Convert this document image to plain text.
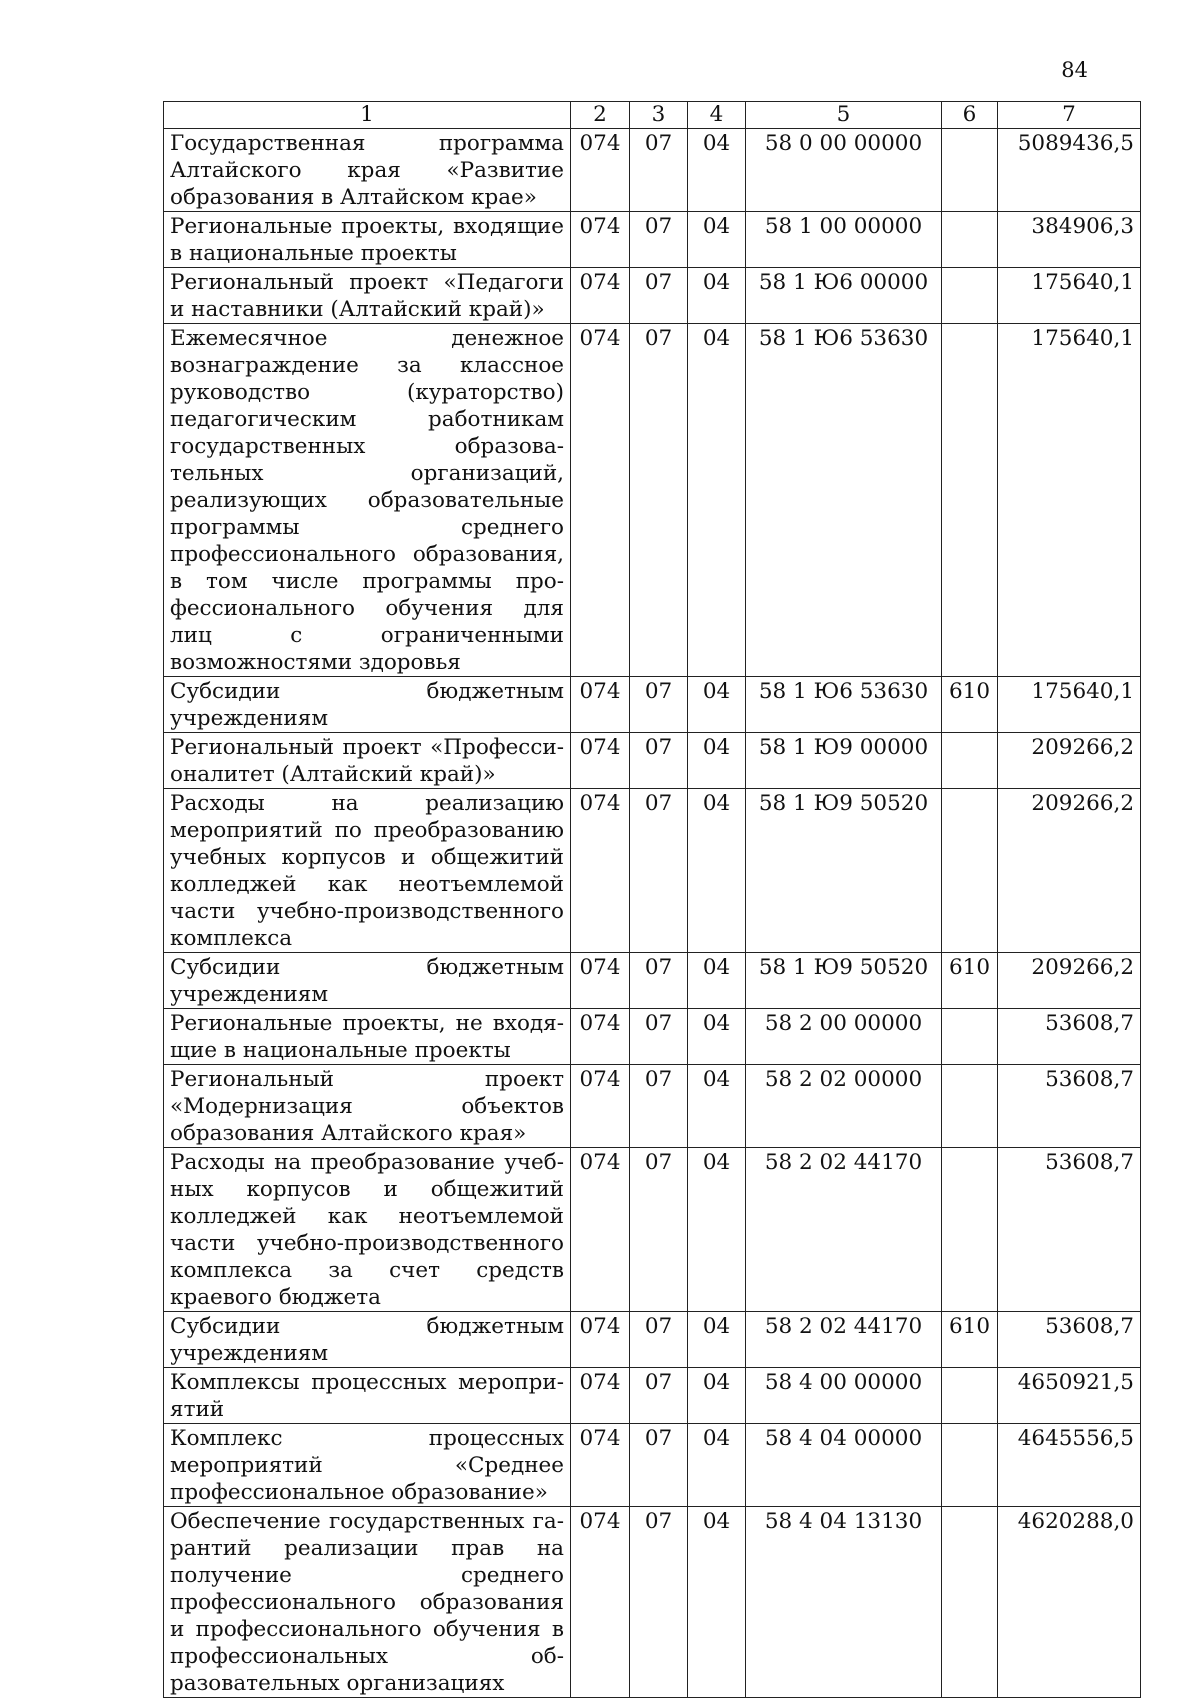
84
1	2	3	4	5	6	7
Государственная программа Алтайского края «Развитие образования в Алтайском крае»	074	07	04	58 0 00 00000		5089436,5
Региональные проекты, входящие в национальные проекты	074	07	04	58 1 00 00000		384906,3
Региональный проект «Педагоги и наставники (Алтайский край)»	074	07	04	58 1 Ю6 00000		175640,1
Ежемесячное денежное вознаграждение за классное руководство (кураторство) педагогическим работникам государственных образовательных организаций, реализующих образовательные программы среднего профессионального образования, в том числе программы профессионального обучения для лиц с ограниченными возможностями здоровья	074	07	04	58 1 Ю6 53630		175640,1
Субсидии бюджетным учреждениям	074	07	04	58 1 Ю6 53630	610	175640,1
Региональный проект «Профессионалитет (Алтайский край)»	074	07	04	58 1 Ю9 00000		209266,2
Расходы на реализацию мероприятий по преобразованию учебных корпусов и общежитий колледжей как неотъемлемой части учебно-производственного комплекса	074	07	04	58 1 Ю9 50520		209266,2
Субсидии бюджетным учреждениям	074	07	04	58 1 Ю9 50520	610	209266,2
Региональные проекты, не входящие в национальные проекты	074	07	04	58 2 00 00000		53608,7
Региональный проект «Модернизация объектов образования Алтайского края»	074	07	04	58 2 02 00000		53608,7
Расходы на преобразование учебных корпусов и общежитий колледжей как неотъемлемой части учебно-производственного комплекса за счет средств краевого бюджета	074	07	04	58 2 02 44170		53608,7
Субсидии бюджетным учреждениям	074	07	04	58 2 02 44170	610	53608,7
Комплексы процессных мероприятий	074	07	04	58 4 00 00000		4650921,5
Комплекс процессных мероприятий «Среднее профессиональное образование»	074	07	04	58 4 04 00000		4645556,5
Обеспечение государственных гарантий реализации прав на получение среднего профессионального образования и профессионального обучения в профессиональных образовательных организациях	074	07	04	58 4 04 13130		4620288,0
